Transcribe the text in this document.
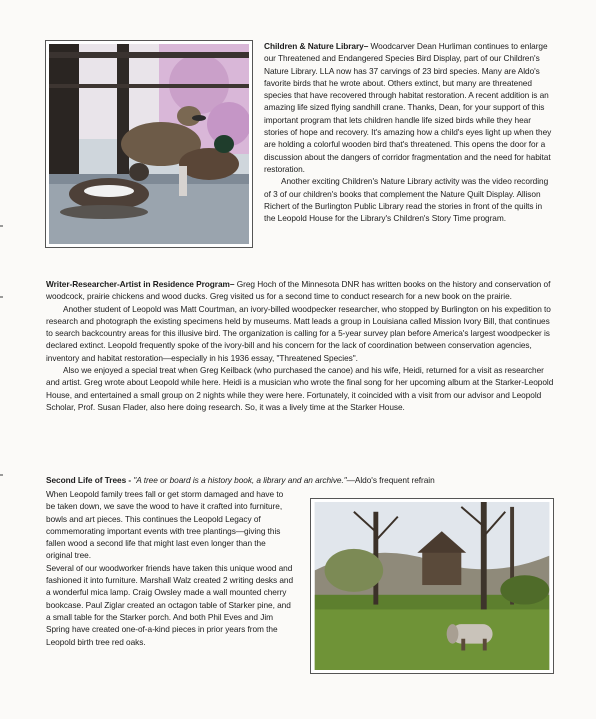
Children & Nature Library– Woodcarver Dean Hurliman continues to enlarge our Threatened and Endangered Species Bird Display, part of our Children's Nature Library. LLA now has 37 carvings of 23 bird species. Many are Aldo's favorite birds that he wrote about. Others extinct, but many are threatened species that have recovered through habitat restoration. A recent addition is an amazing life sized flying sandhill crane. Thanks, Dean, for your support of this important program that lets children handle life sized birds while they hear stories of hope and recovery. It's amazing how a child's eyes light up when they are holding a colorful wooden bird that's threatened. This opens the door for a discussion about the dangers of corridor fragmentation and the need for habitat restoration.

Another exciting Children's Nature Library activity was the video recording of 3 of our children's books that complement the Nature Quilt Display. Allison Richert of the Burlington Public Library read the stories in front of the quilts in the Leopold House for the Library's Children's Story Time program.

Writer-Researcher-Artist in Residence Program– Greg Hoch of the Minnesota DNR has written books on the history and conservation of woodcock, prairie chickens and wood ducks. Greg visited us for a second time to conduct research for a new book on the prairie.

Another student of Leopold was Matt Courtman, an ivory-billed woodpecker researcher, who stopped by Burlington on his expedition to research and photograph the existing specimens held by museums. Matt leads a group in Louisiana called Mission Ivory Bill, that continues to search backcountry areas for this illusive bird. The organization is calling for a 5-year survey plan before America's largest woodpecker is declared extinct. Leopold frequently spoke of the ivory-bill and his concern for the lack of coordination between conservation agencies, inventory and habitat restoration—especially in his 1936 essay, "Threatened Species".

Also we enjoyed a special treat when Greg Keilback (who purchased the canoe) and his wife, Heidi, returned for a visit as researcher and artist. Greg wrote about Leopold while here. Heidi is a musician who wrote the final song for her upcoming album at the Starker-Leopold House, and entertained a small group on 2 nights while they were here. Fortunately, it coincided with a visit from our advisor and Leopold Scholar, Prof. Susan Flader, also here doing research. So, it was a lively time at the Starker House.

Second Life of Trees - "A tree or board is a history book, a library and an archive."—Aldo's frequent refrain

When Leopold family trees fall or get storm damaged and have to be taken down, we save the wood to have it crafted into furniture, bowls and art pieces. This continues the Leopold Legacy of commemorating important events with tree plantings—giving this fallen wood a second life that might last even longer than the original tree.

Several of our woodworker friends have taken this unique wood and fashioned it into furniture. Marshall Walz created 2 writing desks and a wonderful mica lamp. Craig Owsley made a wall mounted cherry bookcase. Paul Ziglar created an octagon table of Starker pine, and a small table for the Starker porch. And both Phil Eves and Jim Spring have created one-of-a-kind pieces in prior years from the Leopold birth tree red oaks.
